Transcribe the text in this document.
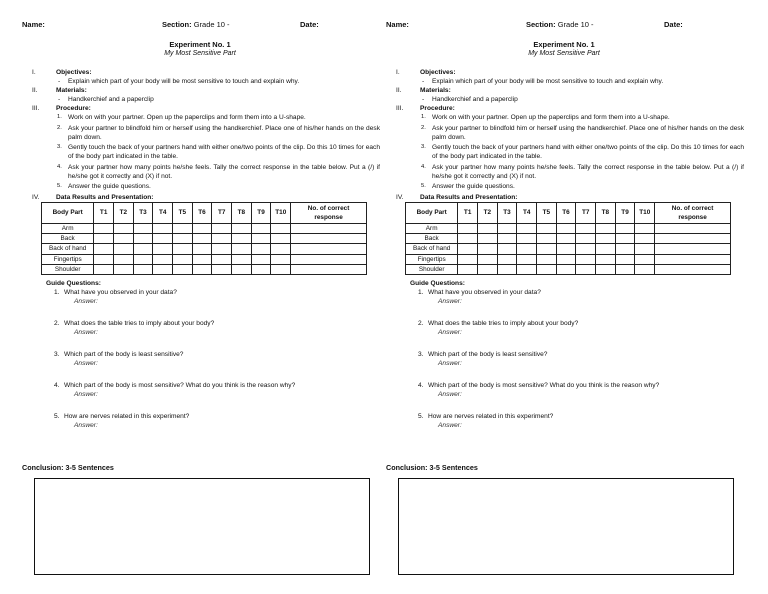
Name:	Section: Grade 10 -	Date:
Experiment No. 1
My Most Sensitive Part
I.	Objectives:
-	Explain which part of your body will be most sensitive to touch and explain why.
II.	Materials:
-	Handkerchief and a paperclip
III.	Procedure:
1. Work on with your partner. Open up the paperclips and form them into a U-shape.
2. Ask your partner to blindfold him or herself using the handkerchief. Place one of his/her hands on the desk palm down.
3. Gently touch the back of your partners hand with either one/two points of the clip. Do this 10 times for each of the body part indicated in the table.
4. Ask your partner how many points he/she feels. Tally the correct response in the table below. Put a (/) if he/she got it correctly and (X) if not.
5. Answer the guide questions.
IV.	Data Results and Presentation:
Body Part	T1	T2	T3	T4	T5	T6	T7	T8	T9	T10	No. of correct response
Arm											
Back											
Back of hand											
Fingertips											
Shoulder											
Guide Questions:
1. What have you observed in your data?
Answer:
2. What does the table tries to imply about your body?
Answer:
3. Which part of the body is least sensitive?
Answer:
4. Which part of the body is most sensitive? What do you think is the reason why?
Answer:
5. How are nerves related in this experiment?
Answer:
Conclusion: 3-5 Sentences
Name:	Section: Grade 10 -	Date:
Experiment No. 1
My Most Sensitive Part
I.	Objectives:
-	Explain which part of your body will be most sensitive to touch and explain why.
II.	Materials:
-	Handkerchief and a paperclip
III.	Procedure:
1. Work on with your partner. Open up the paperclips and form them into a U-shape.
2. Ask your partner to blindfold him or herself using the handkerchief. Place one of his/her hands on the desk palm down.
3. Gently touch the back of your partners hand with either one/two points of the clip. Do this 10 times for each of the body part indicated in the table.
4. Ask your partner how many points he/she feels. Tally the correct response in the table below. Put a (/) if he/she got it correctly and (X) if not.
5. Answer the guide questions.
IV.	Data Results and Presentation:
Body Part	T1	T2	T3	T4	T5	T6	T7	T8	T9	T10	No. of correct response
Arm											
Back											
Back of hand											
Fingertips											
Shoulder											
Guide Questions:
1. What have you observed in your data?
Answer:
2. What does the table tries to imply about your body?
Answer:
3. Which part of the body is least sensitive?
Answer:
4. Which part of the body is most sensitive? What do you think is the reason why?
Answer:
5. How are nerves related in this experiment?
Answer:
Conclusion: 3-5 Sentences
